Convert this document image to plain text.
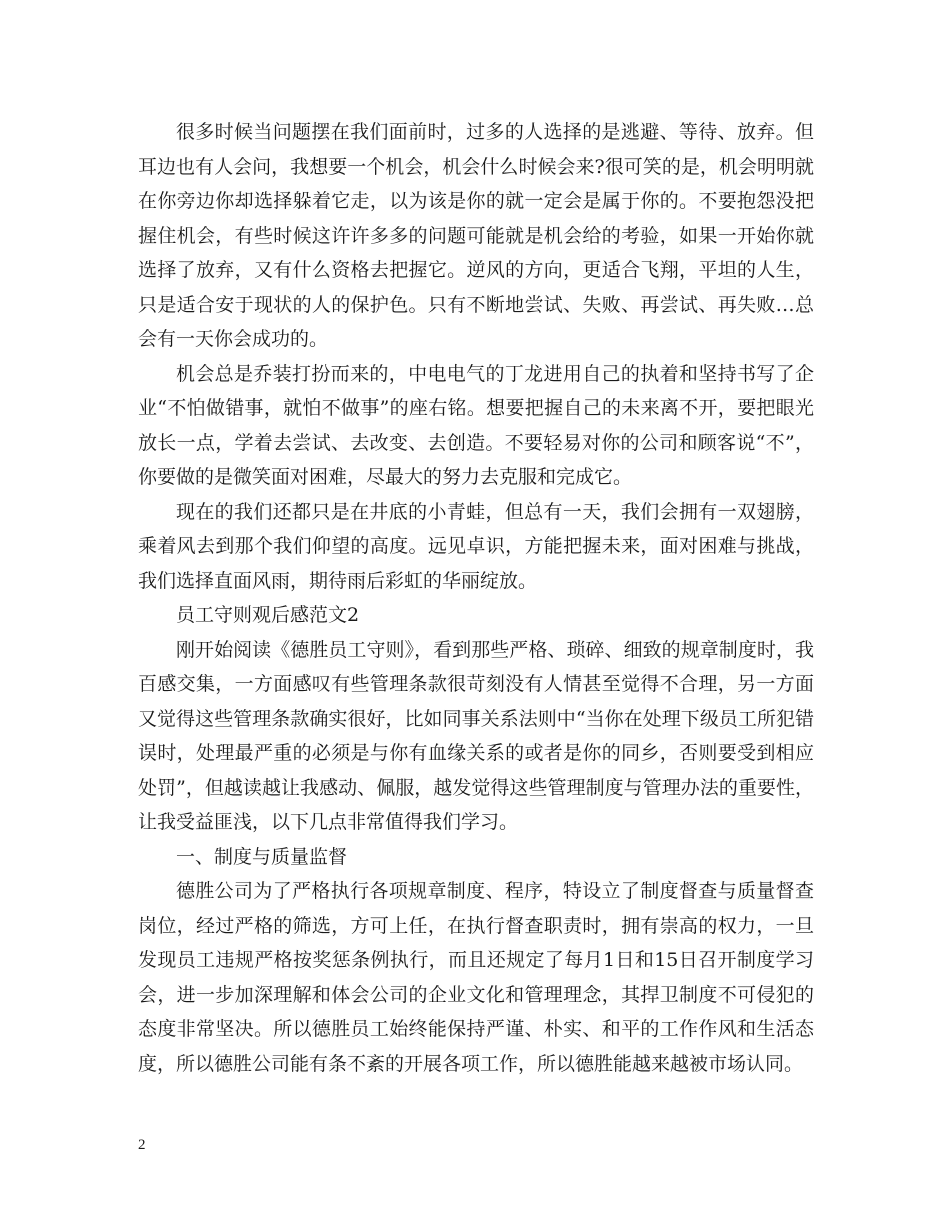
很多时候当问题摆在我们面前时，过多的人选择的是逃避、等待、放弃。但耳边也有人会问，我想要一个机会，机会什么时候会来?很可笑的是，机会明明就在你旁边你却选择躲着它走，以为该是你的就一定会是属于你的。不要抱怨没把握住机会，有些时候这许许多多的问题可能就是机会给的考验，如果一开始你就选择了放弃，又有什么资格去把握它。逆风的方向，更适合飞翔，平坦的人生，只是适合安于现状的人的保护色。只有不断地尝试、失败、再尝试、再失败…总会有一天你会成功的。

机会总是乔装打扮而来的，中电电气的丁龙进用自己的执着和坚持书写了企业“不怕做错事，就怕不做事”的座右铭。想要把握自己的未来离不开，要把眼光放长一点，学着去尝试、去改变、去创造。不要轻易对你的公司和顾客说“不”，你要做的是微笑面对困难，尽最大的努力去克服和完成它。

现在的我们还都只是在井底的小青蛙，但总有一天，我们会拥有一双翅膀，乘着风去到那个我们仰望的高度。远见卓识，方能把握未来，面对困难与挑战，我们选择直面风雨，期待雨后彩虹的华丽绽放。

员工守则观后感范文2

刚开始阅读《德胜员工守则》，看到那些严格、琐碎、细致的规章制度时，我百感交集，一方面感叹有些管理条款很苛刻没有人情甚至觉得不合理，另一方面又觉得这些管理条款确实很好，比如同事关系法则中“当你在处理下级员工所犯错误时，处理最严重的必须是与你有血缘关系的或者是你的同乡，否则要受到相应处罚”，但越读越让我感动、佩服，越发觉得这些管理制度与管理办法的重要性，让我受益匪浅，以下几点非常值得我们学习。

一、制度与质量监督

德胜公司为了严格执行各项规章制度、程序，特设立了制度督查与质量督查岗位，经过严格的筛选，方可上任，在执行督查职责时，拥有崇高的权力，一旦发现员工违规严格按奖惩条例执行，而且还规定了每月1日和15日召开制度学习会，进一步加深理解和体会公司的企业文化和管理理念，其捍卫制度不可侵犯的态度非常坚决。所以德胜员工始终能保持严谨、朴实、和平的工作作风和生活态度，所以德胜公司能有条不紊的开展各项工作，所以德胜能越来越被市场认同。

2
